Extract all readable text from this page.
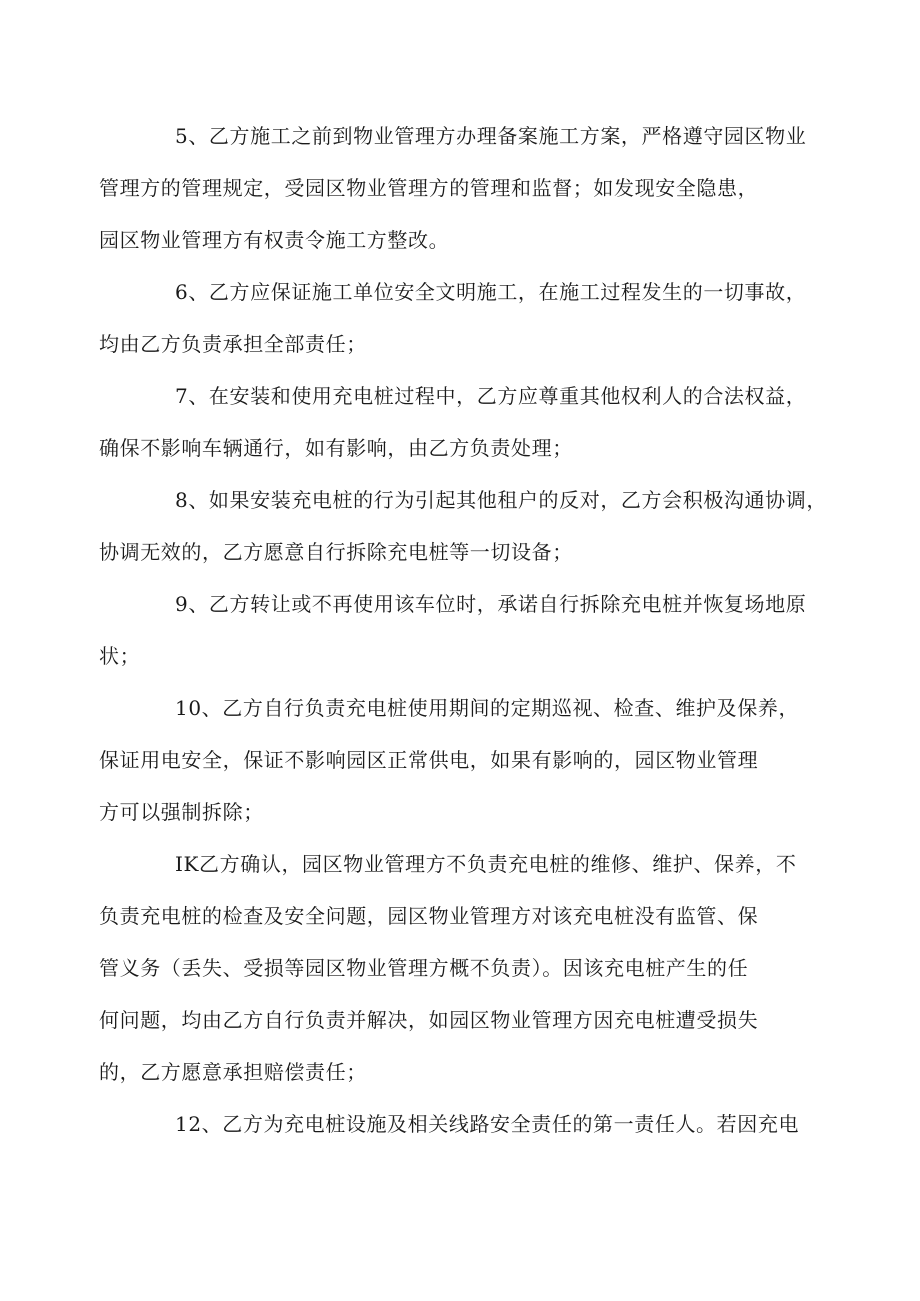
5、乙方施工之前到物业管理方办理备案施工方案，严格遵守园区物业
管理方的管理规定，受园区物业管理方的管理和监督；如发现安全隐患，
园区物业管理方有权责令施工方整改。

6、乙方应保证施工单位安全文明施工，在施工过程发生的一切事故，
均由乙方负责承担全部责任；

7、在安装和使用充电桩过程中，乙方应尊重其他权利人的合法权益，
确保不影响车辆通行，如有影响，由乙方负责处理；

8、如果安装充电桩的行为引起其他租户的反对，乙方会积极沟通协调，
协调无效的，乙方愿意自行拆除充电桩等一切设备；

9、乙方转让或不再使用该车位时，承诺自行拆除充电桩并恢复场地原
状；

10、乙方自行负责充电桩使用期间的定期巡视、检查、维护及保养，
保证用电安全，保证不影响园区正常供电，如果有影响的，园区物业管理
方可以强制拆除；

IK乙方确认，园区物业管理方不负责充电桩的维修、维护、保养，不
负责充电桩的检查及安全问题，园区物业管理方对该充电桩没有监管、保
管义务（丢失、受损等园区物业管理方概不负责）。因该充电桩产生的任
何问题，均由乙方自行负责并解决，如园区物业管理方因充电桩遭受损失
的，乙方愿意承担赔偿责任；

12、乙方为充电桩设施及相关线路安全责任的第一责任人。若因充电
